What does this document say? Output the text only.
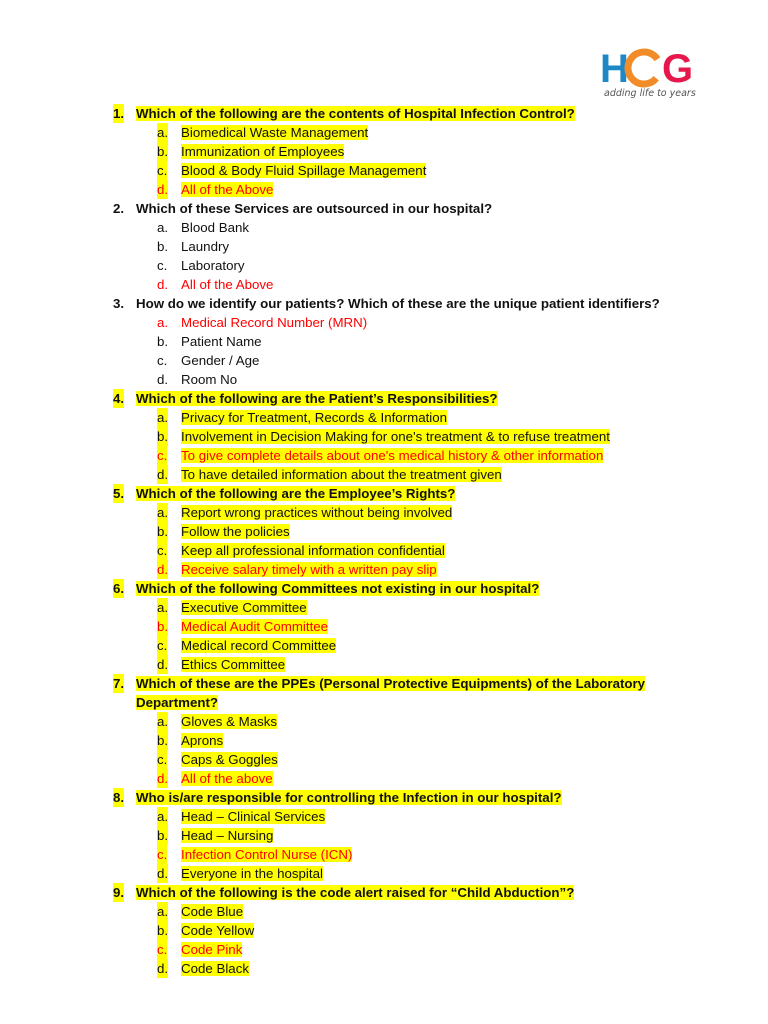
H G
adding life to years
1. Which of the following are the contents of Hospital Infection Control?
a. Biomedical Waste Management
b. Immunization of Employees
c. Blood & Body Fluid Spillage Management
d. All of the Above
2. Which of these Services are outsourced in our hospital?
a. Blood Bank
b. Laundry
c. Laboratory
d. All of the Above
3. How do we identify our patients? Which of these are the unique patient identifiers?
a. Medical Record Number (MRN)
b. Patient Name
c. Gender / Age
d. Room No
4. Which of the following are the Patient’s Responsibilities?
a. Privacy for Treatment, Records & Information
b. Involvement in Decision Making for one's treatment & to refuse treatment
c. To give complete details about one's medical history & other information
d. To have detailed information about the treatment given
5. Which of the following are the Employee’s Rights?
a. Report wrong practices without being involved
b. Follow the policies
c. Keep all professional information confidential
d. Receive salary timely with a written pay slip
6. Which of the following Committees not existing in our hospital?
a. Executive Committee
b. Medical Audit Committee
c. Medical record Committee
d. Ethics Committee
7. Which of these are the PPEs (Personal Protective Equipments) of the Laboratory Department?
a. Gloves & Masks
b. Aprons
c. Caps & Goggles
d. All of the above
8. Who is/are responsible for controlling the Infection in our hospital?
a. Head – Clinical Services
b. Head – Nursing
c. Infection Control Nurse (ICN)
d. Everyone in the hospital
9. Which of the following is the code alert raised for “Child Abduction”?
a. Code Blue
b. Code Yellow
c. Code Pink
d. Code Black
